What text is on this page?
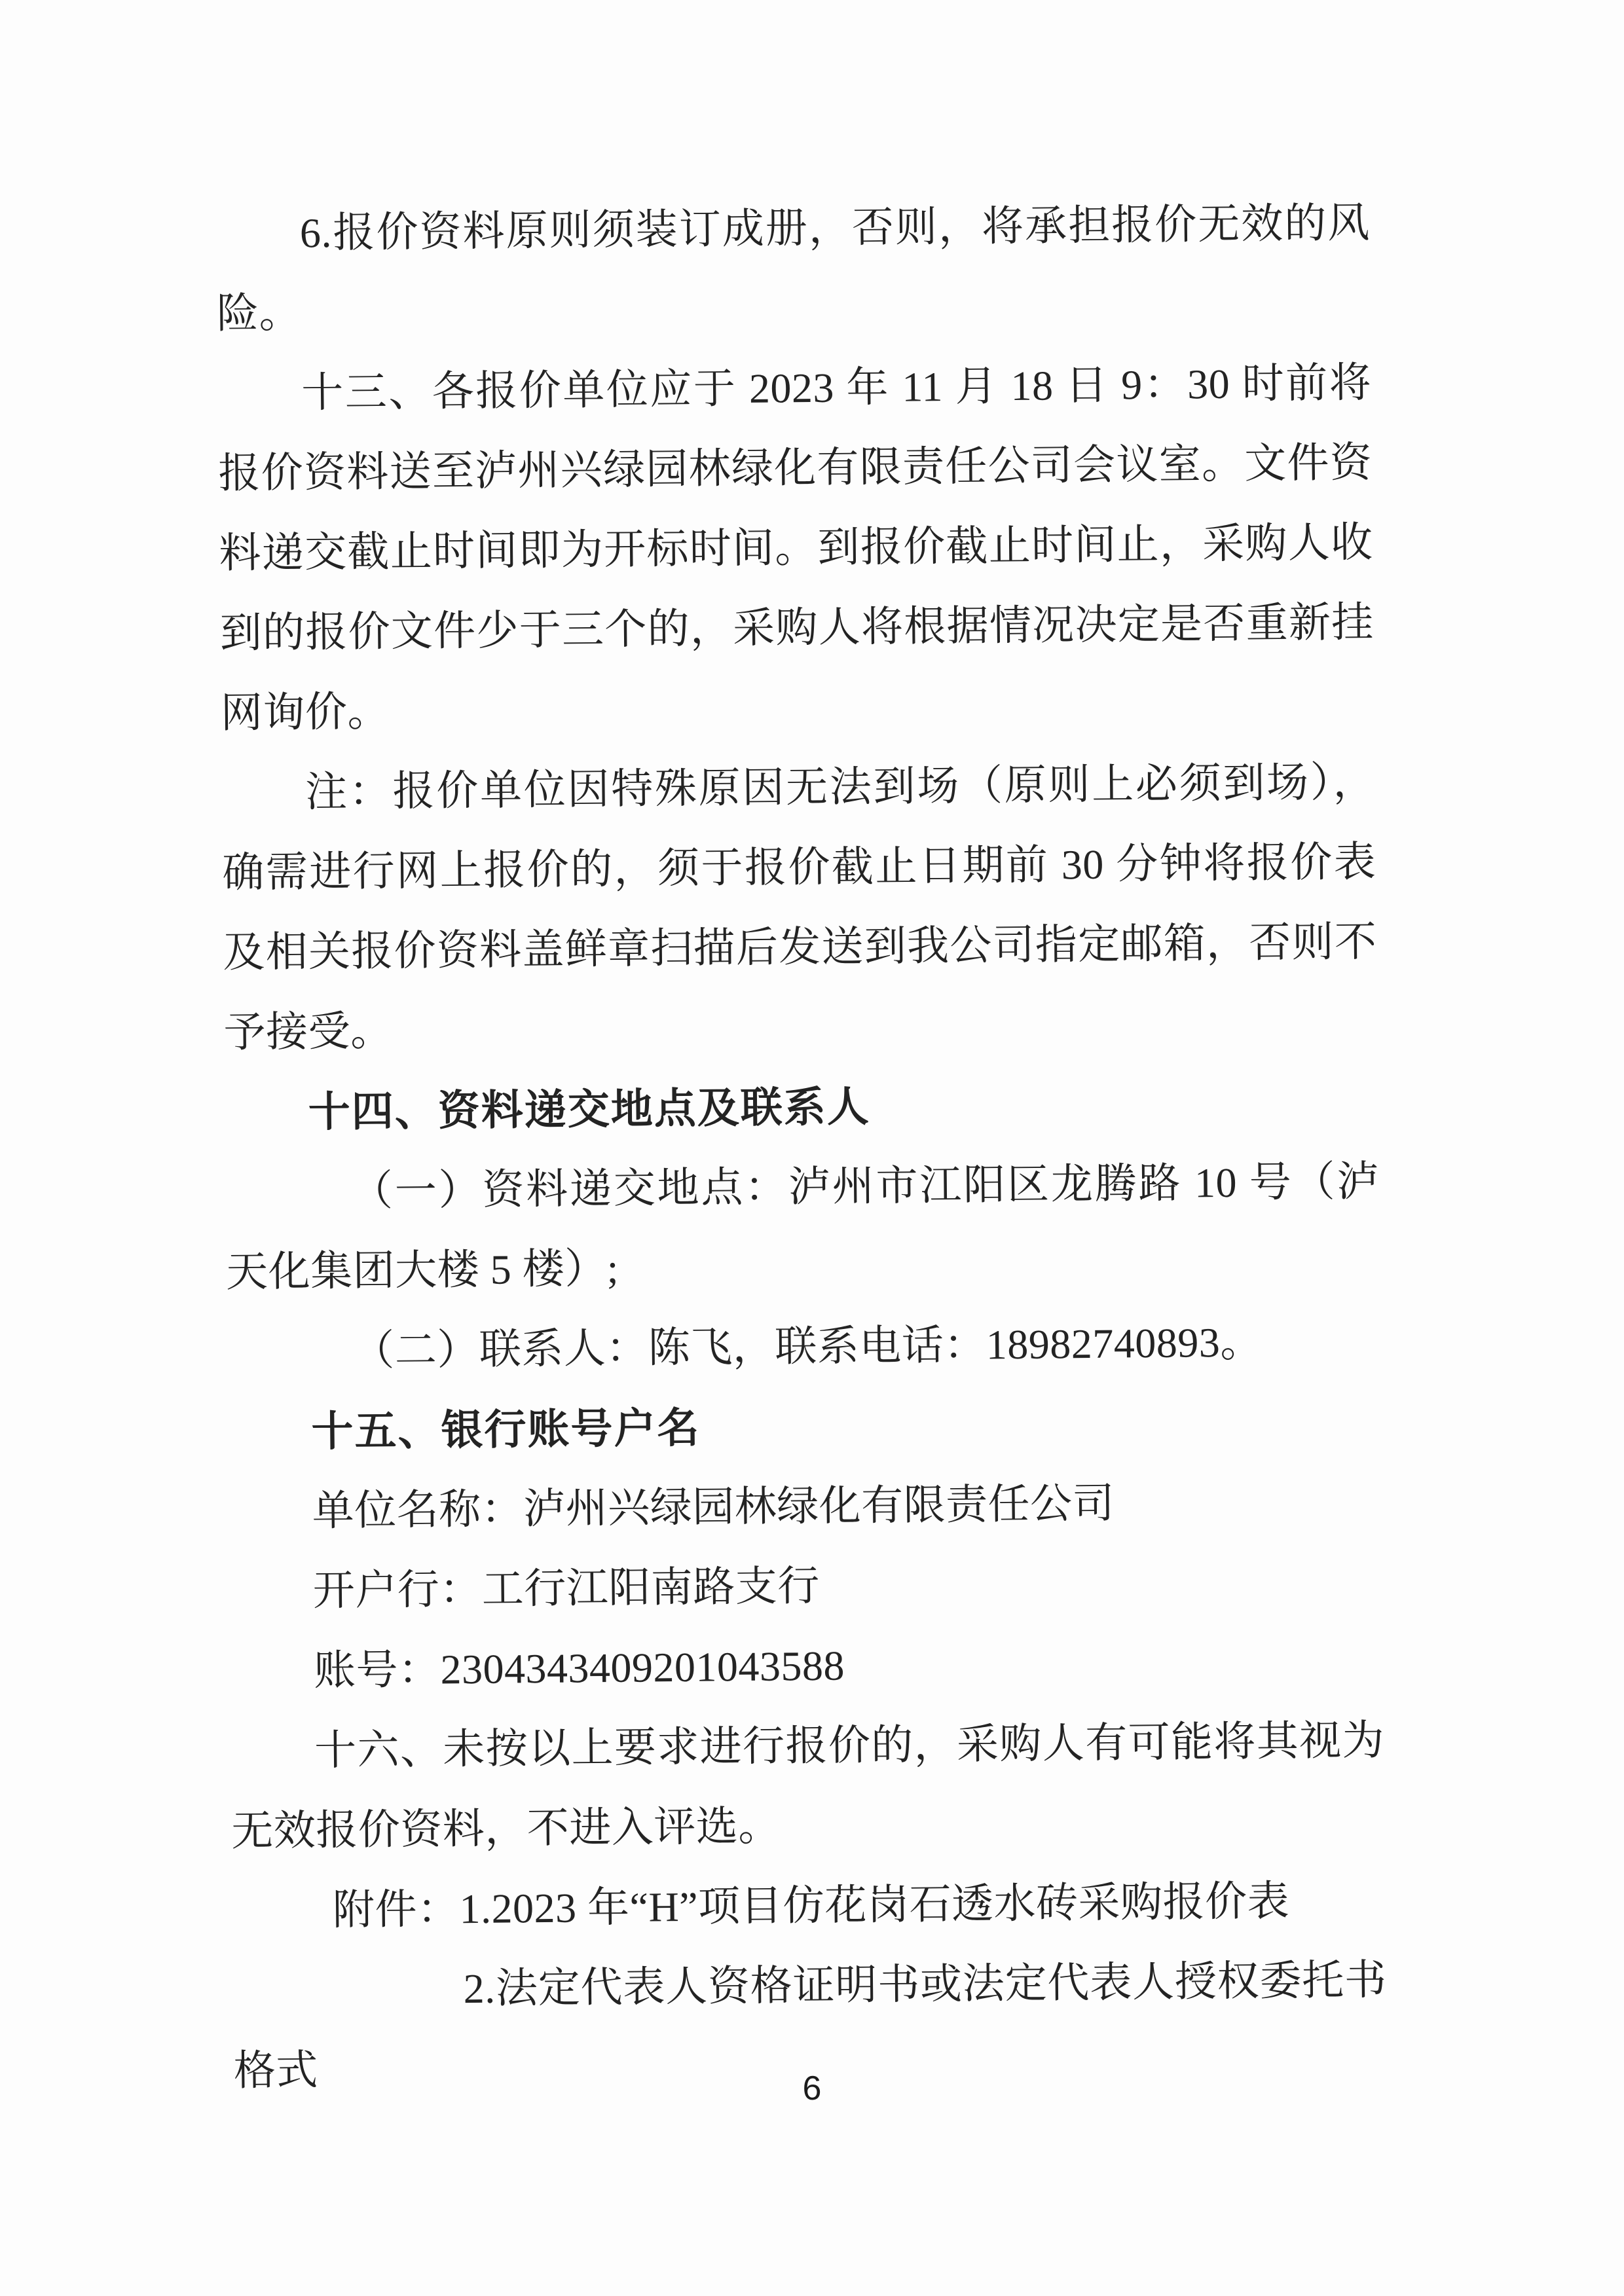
6.报价资料原则须装订成册，否则，将承担报价无效的风险。

十三、各报价单位应于 2023 年 11 月 18 日 9：30 时前将报价资料送至泸州兴绿园林绿化有限责任公司会议室。文件资料递交截止时间即为开标时间。到报价截止时间止，采购人收到的报价文件少于三个的，采购人将根据情况决定是否重新挂网询价。

注：报价单位因特殊原因无法到场（原则上必须到场），确需进行网上报价的，须于报价截止日期前 30 分钟将报价表及相关报价资料盖鲜章扫描后发送到我公司指定邮箱，否则不予接受。

十四、资料递交地点及联系人

（一）资料递交地点：泸州市江阳区龙腾路 10 号（泸天化集团大楼 5 楼）;

（二）联系人：陈飞，联系电话：18982740893。

十五、银行账号户名

单位名称：泸州兴绿园林绿化有限责任公司

开户行：工行江阳南路支行

账号：2304343409201043588

十六、未按以上要求进行报价的，采购人有可能将其视为无效报价资料，不进入评选。

附件：1.2023 年“H”项目仿花岗石透水砖采购报价表

2.法定代表人资格证明书或法定代表人授权委托书格式	6
